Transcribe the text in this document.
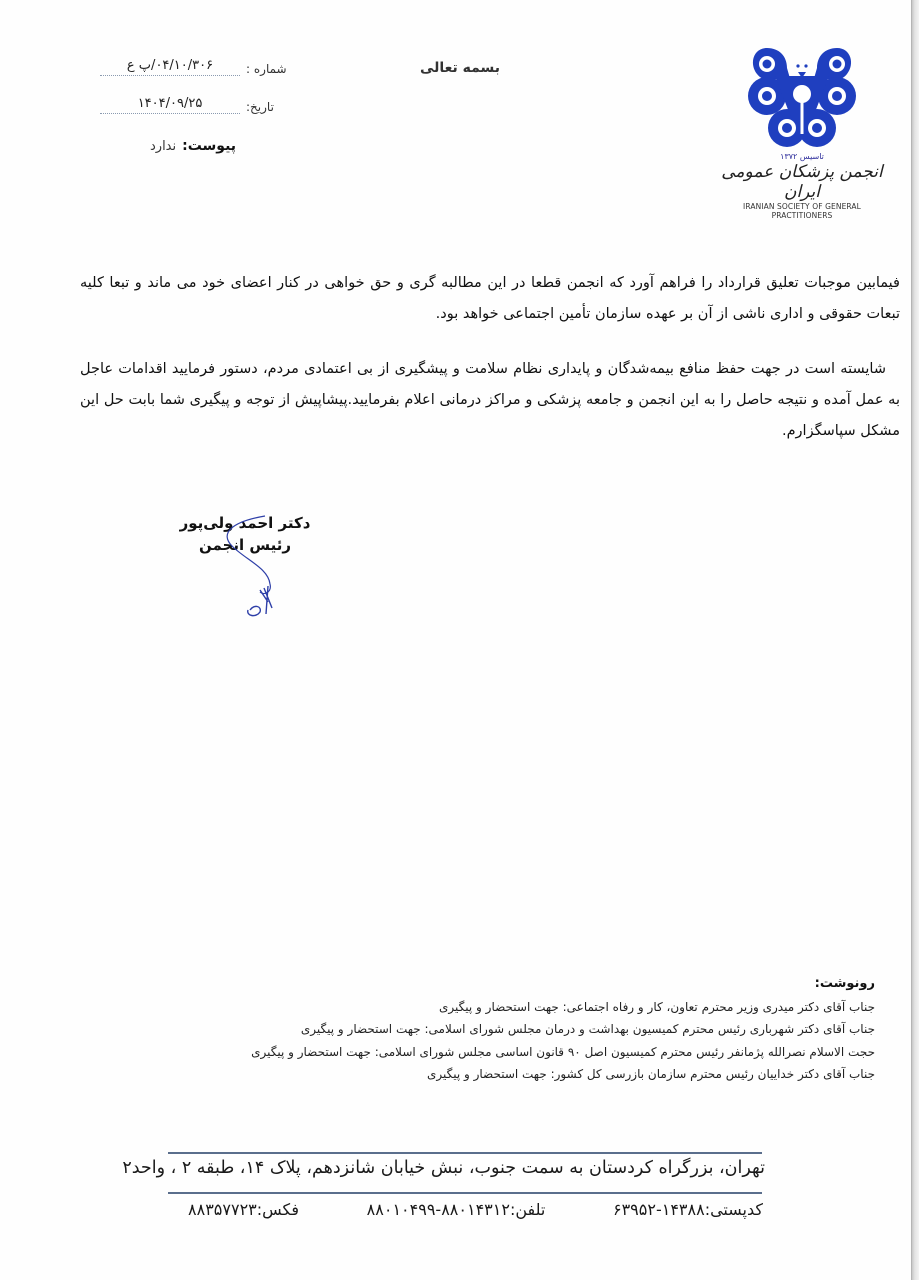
تاسیس ۱۳۷۲
انجمن پزشکان عمومی ایران
IRANIAN SOCIETY OF GENERAL PRACTITIONERS
بسمه تعالی
شماره :
۰۴/۱۰/۳۰۶/پ ع
تاریخ:
۱۴۰۴/۰۹/۲۵
پیوست:
ندارد

فیمابین موجبات تعلیق قرارداد را فراهم آورد که انجمن قطعا در این مطالبه گری و حق خواهی در کنار اعضای خود می ماند و تبعا کلیه تبعات حقوقی و اداری ناشی از آن بر عهده سازمان تأمین اجتماعی خواهد بود.

شایسته است در جهت حفظ منافع بیمه‌شدگان و پایداری نظام سلامت و پیشگیری از بی اعتمادی مردم، دستور فرمایید اقدامات عاجل به عمل آمده و نتیجه حاصل را به این انجمن و جامعه پزشکی و مراکز درمانی اعلام بفرمایید.پیشاپیش از توجه و پیگیری شما بابت حل این مشکل سپاسگزارم.

دکتر احمد ولی‌پور
رئیس انجمن
رونوشت:
جناب آقای دکتر میدری وزیر محترم تعاون، کار و رفاه اجتماعی: جهت استحضار و پیگیری
جناب آقای دکتر شهرباری رئیس محترم کمیسیون بهداشت و درمان مجلس شورای اسلامی: جهت استحضار و پیگیری
حجت الاسلام نصرالله پژمانفر رئیس محترم کمیسیون اصل ۹۰ قانون اساسی مجلس شورای اسلامی: جهت استحضار و پیگیری
جناب آقای دکتر خداییان رئیس محترم سازمان بازرسی کل کشور: جهت استحضار و پیگیری
تهران، بزرگراه کردستان به سمت جنوب، نبش خیابان شانزدهم، پلاک ۱۴، طبقه ۲ ، واحد۲
کدپستی:۱۴۳۸۸-۶۳۹۵۲
تلفن:۸۸۰۱۴۳۱۲-۸۸۰۱۰۴۹۹
فکس:۸۸۳۵۷۷۲۳
